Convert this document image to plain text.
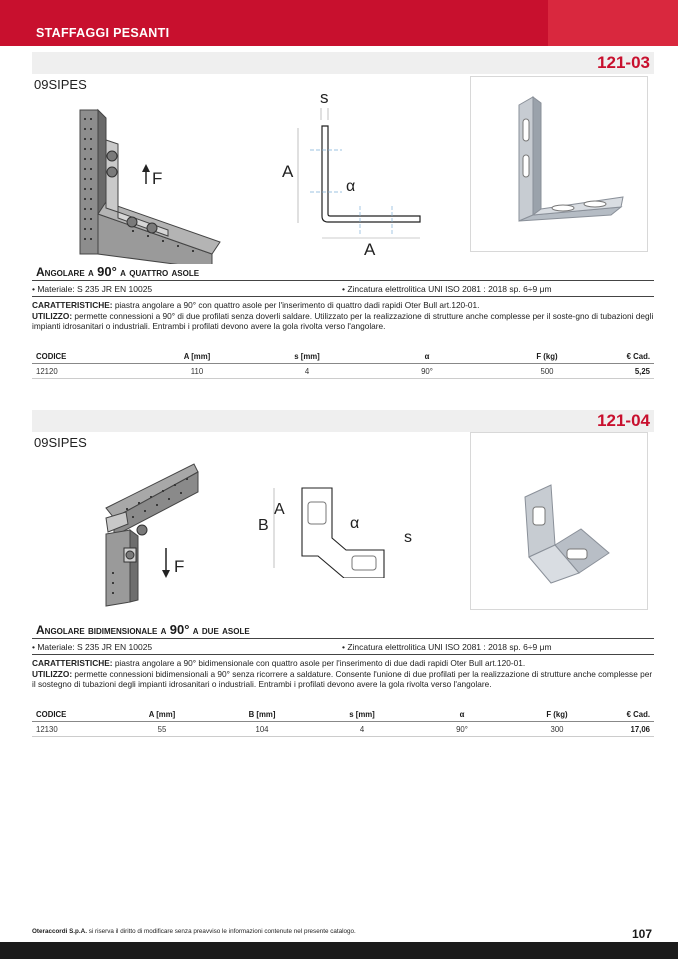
STAFFAGGI PESANTI
121-03
09SIPES
F
s
A
α
A
Angolare a 90° a quattro asole
• Materiale: S 235 JR EN 10025	• Zincatura elettrolitica UNI ISO 2081 : 2018 sp. 6÷9 μm
CARATTERISTICHE: piastra angolare a 90° con quattro asole per l'inserimento di quattro dadi rapidi Oter Bull art.120-01.
UTILIZZO: permette connessioni a 90° di due profilati senza doverli saldare. Utilizzato per la realizzazione di strutture anche complesse per il soste-gno di tubazioni degli impianti idrosanitari o industriali. Entrambi i profilati devono avere la gola rivolta verso l'angolare.
CODICE	A [mm]	s [mm]	α	F (kg)	€ Cad.
12120	110	4	90°	500	5,25
121-04
09SIPES
F
A
B	α
s
Angolare bidimensionale a 90° a due asole
• Materiale: S 235 JR EN 10025	• Zincatura elettrolitica UNI ISO 2081 : 2018 sp. 6÷9 μm
CARATTERISTICHE: piastra angolare a 90° bidimensionale con quattro asole per l'inserimento di due dadi rapidi Oter Bull art.120-01.
UTILIZZO: permette connessioni bidimensionali a 90° senza ricorrere a saldature. Consente l'unione di due profilati per la realizzazione di strutture anche complesse per il sostegno di tubazioni degli impianti idrosanitari o industriali. Entrambi i profilati devono avere la gola rivolta verso l'angolare.
CODICE	A [mm]	B [mm]	s [mm]	α	F (kg)	€ Cad.
12130	55	104	4	90°	300	17,06
Oteraccordi S.p.A. si riserva il diritto di modificare senza preavviso le informazioni contenute nel presente catalogo.	107
